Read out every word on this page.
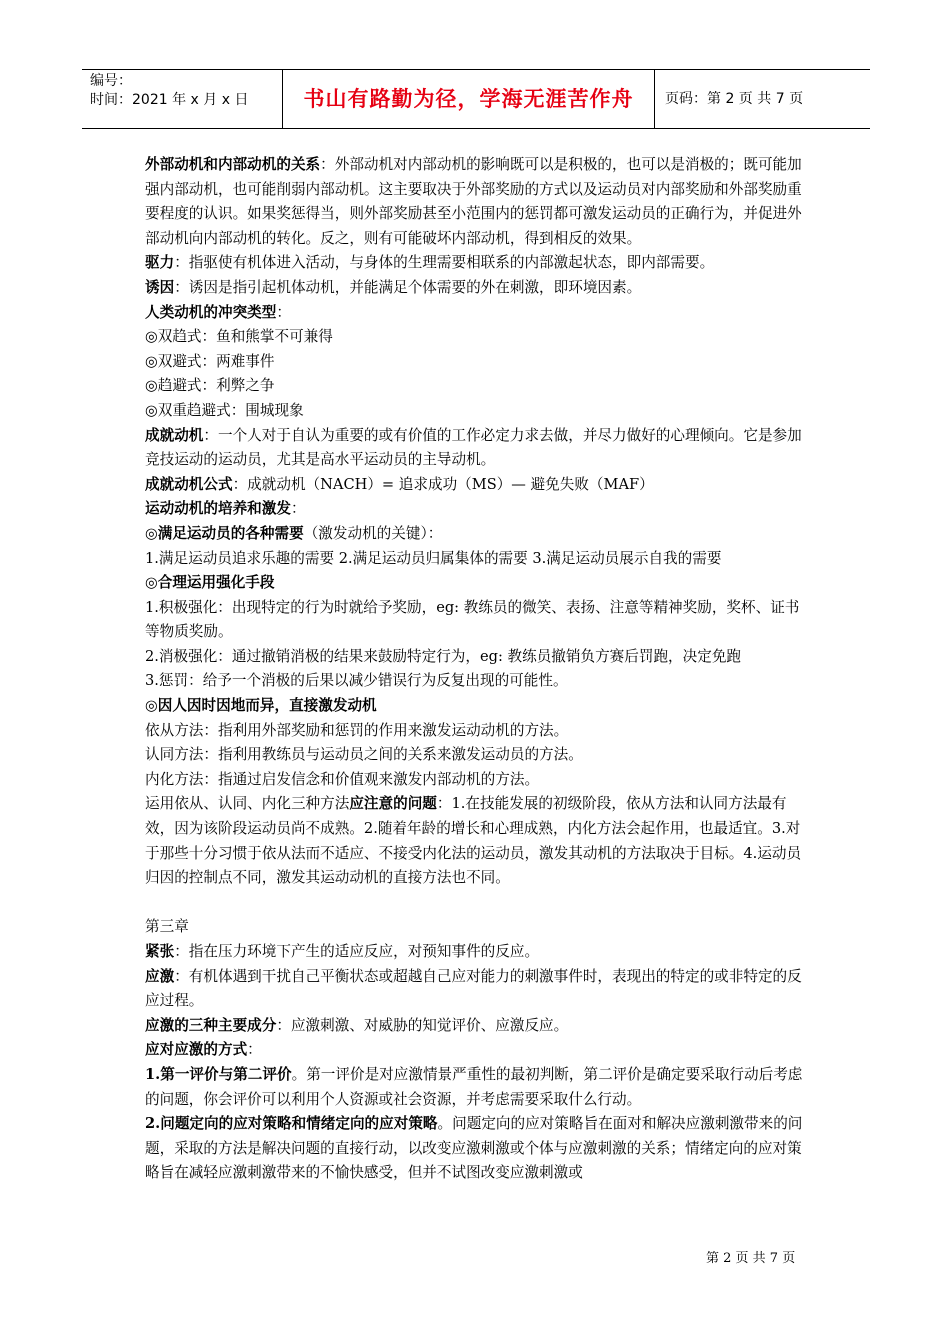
编号：
时间：2021 年 x 月 x 日	书山有路勤为径，学海无涯苦作舟	页码：第 2 页 共 7 页

外部动机和内部动机的关系：外部动机对内部动机的影响既可以是积极的，也可以是消极的；既可能加强内部动机，也可能削弱内部动机。这主要取决于外部奖励的方式以及运动员对内部奖励和外部奖励重要程度的认识。如果奖惩得当，则外部奖励甚至小范围内的惩罚都可激发运动员的正确行为，并促进外部动机向内部动机的转化。反之，则有可能破坏内部动机，得到相反的效果。

驱力：指驱使有机体进入活动，与身体的生理需要相联系的内部激起状态，即内部需要。

诱因：诱因是指引起机体动机，并能满足个体需要的外在刺激，即环境因素。

人类动机的冲突类型：

◎双趋式：鱼和熊掌不可兼得

◎双避式：两难事件

◎趋避式：利弊之争

◎双重趋避式：围城现象

成就动机：一个人对于自认为重要的或有价值的工作必定力求去做，并尽力做好的心理倾向。它是参加竞技运动的运动员，尤其是高水平运动员的主导动机。

成就动机公式：成就动机（NACH）= 追求成功（MS）— 避免失败（MAF）

运动动机的培养和激发：

◎满足运动员的各种需要（激发动机的关键）：

1.满足运动员追求乐趣的需要 2.满足运动员归属集体的需要 3.满足运动员展示自我的需要

◎合理运用强化手段

1.积极强化：出现特定的行为时就给予奖励，eg: 教练员的微笑、表扬、注意等精神奖励，奖杯、证书等物质奖励。

2.消极强化：通过撤销消极的结果来鼓励特定行为，eg: 教练员撤销负方赛后罚跑，决定免跑

3.惩罚：给予一个消极的后果以减少错误行为反复出现的可能性。

◎因人因时因地而异，直接激发动机

依从方法：指利用外部奖励和惩罚的作用来激发运动动机的方法。

认同方法：指利用教练员与运动员之间的关系来激发运动员的方法。

内化方法：指通过启发信念和价值观来激发内部动机的方法。

运用依从、认同、内化三种方法应注意的问题：1.在技能发展的初级阶段，依从方法和认同方法最有效，因为该阶段运动员尚不成熟。2.随着年龄的增长和心理成熟，内化方法会起作用，也最适宜。3.对于那些十分习惯于依从法而不适应、不接受内化法的运动员，激发其动机的方法取决于目标。4.运动员归因的控制点不同，激发其运动动机的直接方法也不同。

第三章

紧张：指在压力环境下产生的适应反应，对预知事件的反应。

应激：有机体遇到干扰自己平衡状态或超越自己应对能力的刺激事件时，表现出的特定的或非特定的反应过程。

应激的三种主要成分：应激刺激、对威胁的知觉评价、应激反应。

应对应激的方式：

1.第一评价与第二评价。第一评价是对应激情景严重性的最初判断，第二评价是确定要采取行动后考虑的问题，你会评价可以利用个人资源或社会资源，并考虑需要采取什么行动。

2.问题定向的应对策略和情绪定向的应对策略。问题定向的应对策略旨在面对和解决应激刺激带来的问题，采取的方法是解决问题的直接行动，以改变应激刺激或个体与应激刺激的关系；情绪定向的应对策略旨在减轻应激刺激带来的不愉快感受，但并不试图改变应激刺激或

第 2 页 共 7 页
